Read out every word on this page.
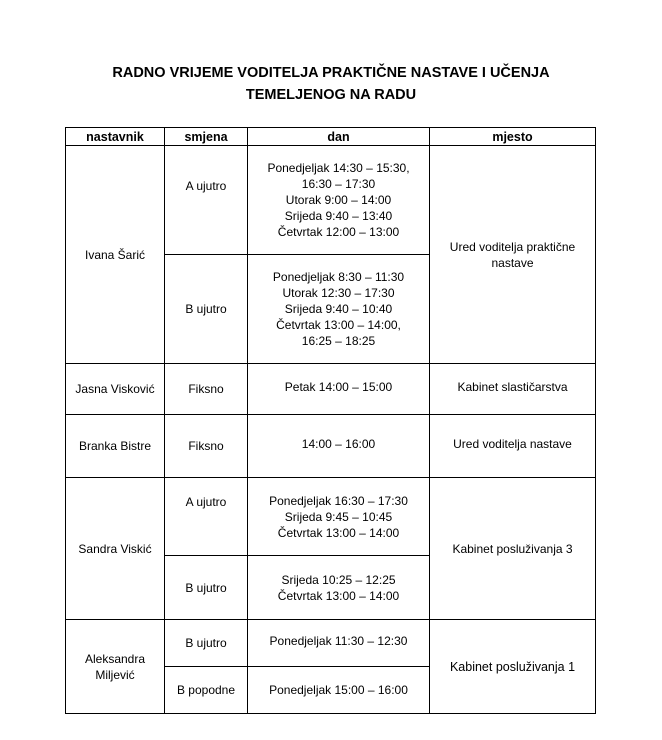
RADNO VRIJEME VODITELJA PRAKTIČNE NASTAVE I UČENJA
TEMELJENOG NA RADU
nastavnik	smjena	dan	mjesto
Ivana Šarić	A ujutro	Ponedjeljak 14:30 – 15:30,
16:30 – 17:30
Utorak 9:00 – 14:00
Srijeda 9:40 – 13:40
Četvrtak 12:00 – 13:00	Ured voditelja praktične nastave

	B ujutro	Ponedjeljak 8:30 – 11:30
Utorak 12:30 – 17:30
Srijeda 9:40 – 10:40
Četvrtak 13:00 – 14:00,
16:25 – 18:25	

Jasna Visković	Fiksno	Petak 14:00 – 15:00	Kabinet slastičarstva

Branka Bistre	Fiksno	14:00 – 16:00	Ured voditelja nastave

Sandra Viskić	A ujutro	Ponedjeljak 16:30 – 17:30
Srijeda 9:45 – 10:45
Četvrtak 13:00 – 14:00	Kabinet posluživanja 3

	B ujutro	Srijeda 10:25 – 12:25
Četvrtak 13:00 – 14:00	

Aleksandra
Miljević	B ujutro	Ponedjeljak 11:30 – 12:30	Kabinet posluživanja 1

	B popodne	Ponedjeljak 15:00 – 16:00	
